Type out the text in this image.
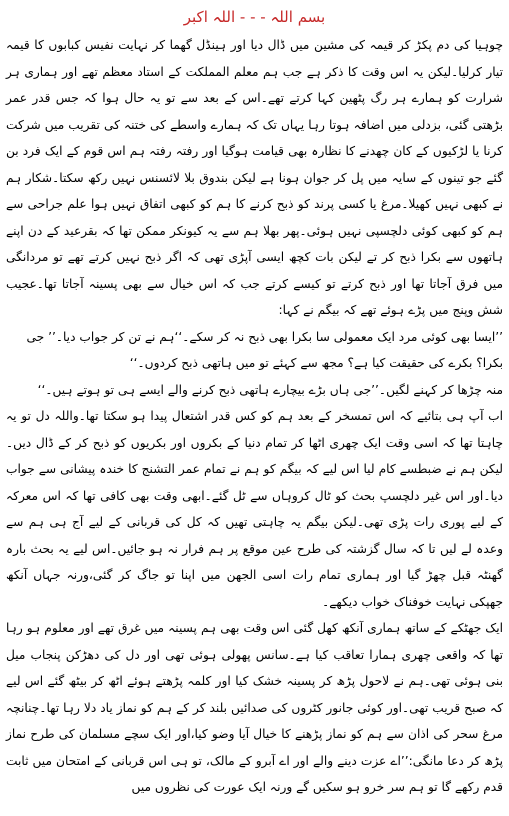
بسم اللہ - - - اللہ اکبر

چوہیا کی دم پکڑ کر قیمہ کی مشین میں ڈال دیا اور ہینڈل گھما کر نہایت نفیس کبابوں کا قیمہ تیار کرلیا۔لیکن یہ اس وقت کا ذکر ہے جب ہم معلم المملکت کے استاد معظم تھے اور ہماری ہر شرارت کو ہمارے ہر رگ پٹھین کہا کرتے تھے۔اس کے بعد سے تو یہ حال ہوا کہ جس قدر عمر بڑھتی گئی، بزدلی میں اضافہ ہوتا رہا یہاں تک کہ ہمارے واسطے کی ختنہ کی تقریب میں شرکت کرنا یا لڑکیوں کے کان چھدنے کا نظارہ بھی قیامت ہوگیا اور رفتہ رفتہ ہم اس قوم کے ایک فرد بن گئے جو تینوں کے سایہ میں پل کر جوان ہونا ہے لیکن بندوق بلا لائسنس نہیں رکھ سکتا۔شکار ہم نے کبھی نہیں کھیلا۔مرغ یا کسی پرند کو ذبح کرنے کا ہم کو کبھی اتفاق نہیں ہوا علم جراحی سے ہم کو کبھی کوئی دلچسپی نہیں ہوئی۔پھر بھلا ہم سے یہ کیونکر ممکن تھا کہ بقرعید کے دن اپنے ہاتھوں سے بکرا ذبح کر تے لیکن بات کچھ ایسی آپڑی تھی کہ اگر ذبح نہیں کرتے تھے تو مردانگی میں فرق آجاتا تھا اور ذبح کرتے تو کیسے کرتے جب کہ اس خیال سے بھی پسینہ آجاتا تھا۔عجیب شش وپنج میں پڑے ہوئے تھے کہ بیگم نے کہا:

’’ایسا بھی کوئی مرد ایک معمولی سا بکرا بھی ذبح نہ کر سکے۔‘‘ہم نے تن کر جواب دیا۔’’ جی بکرا؟ بکرے کی حقیقت کیا ہے؟ مجھ سے کہئے تو میں ہاتھی ذبح کردوں۔‘‘

منہ چڑھا کر کہنے لگیں۔’’جی ہاں بڑے بیچارے ہاتھی ذبح کرنے والے ایسے ہی تو ہوتے ہیں۔‘‘

اب آپ ہی بتائیے کہ اس تمسخر کے بعد ہم کو کس قدر اشتعال پیدا ہو سکتا تھا۔واللہ دل تو یہ چاہتا تھا کہ اسی وقت ایک چھری اٹھا کر تمام دنیا کے بکروں اور بکریوں کو ذبح کر کے ڈال دیں۔لیکن ہم نے ضبطسے کام لیا اس لیے کہ بیگم کو ہم نے تمام عمر التشنج کا خندہ پیشانی سے جواب دیا۔اور اس غیر دلچسپ بحث کو ٹال کروہاں سے ٹل گئے۔ابھی وقت بھی کافی تھا کہ اس معرکہ کے لیے پوری رات پڑی تھی۔لیکن بیگم یہ چاہتی تھیں کہ کل کی قربانی کے لیے آج ہی ہم سے وعدہ لے لیں تا کہ سال گزشتہ کی طرح عین موقع پر ہم فرار نہ ہو جائیں۔اس لیے یہ بحث بارہ گھنٹہ قبل چھڑ گیا اور ہماری تمام رات اسی الجھن میں اپنا تو جاگ کر گئی،ورنہ جہاں آنکھ جھپکی نہایت خوفناک خواب دیکھے۔

ایک جھٹکے کے ساتھ ہماری آنکھ کھل گئی اس وقت بھی ہم پسینہ میں غرق تھے اور معلوم ہو رہا تھا کہ واقعی چھری ہمارا تعاقب کیا ہے۔سانس پھولی ہوئی تھی اور دل کی دھڑکن پنجاب میل بنی ہوئی تھی۔ہم نے لاحول پڑھ کر پسینہ خشک کیا اور کلمہ پڑھتے ہوئے اٹھ کر بیٹھ گئے اس لیے کہ صبح قریب تھی۔اور کوئی جانور کٹروں کی صدائیں بلند کر کے ہم کو نماز یاد دلا رہا تھا۔چنانچہ مرغ سحر کی اذان سے ہم کو نماز پڑھنے کا خیال آیا وضو کیا،اور ایک سچے مسلمان کی طرح نماز پڑھ کر دعا مانگی:’’اے عزت دینے والے اور اے آبرو کے مالک، تو ہی اس قربانی کے امتحان میں ثابت قدم رکھے گا تو ہم سر خرو ہو سکیں گے ورنہ ایک عورت کی نظروں میں
